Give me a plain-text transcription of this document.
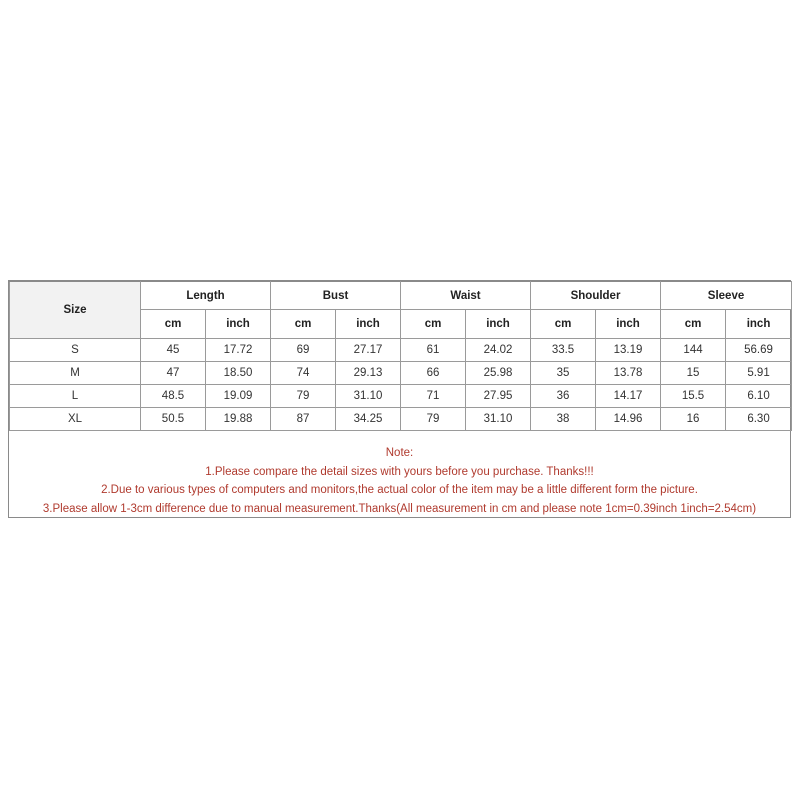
Size	Length		Bust		Waist		Shoulder		Sleeve	
	cm	inch	cm	inch	cm	inch	cm	inch	cm	inch
S	45	17.72	69	27.17	61	24.02	33.5	13.19	144	56.69
M	47	18.50	74	29.13	66	25.98	35	13.78	15	5.91
L	48.5	19.09	79	31.10	71	27.95	36	14.17	15.5	6.10
XL	50.5	19.88	87	34.25	79	31.10	38	14.96	16	6.30
Note:
1.Please compare the detail sizes with yours before you purchase. Thanks!!!
2.Due to various types of computers and monitors,the actual color of the item may be a little different form the picture.
3.Please allow 1-3cm difference due to manual measurement.Thanks(All measurement in cm and please note 1cm=0.39inch 1inch=2.54cm)
